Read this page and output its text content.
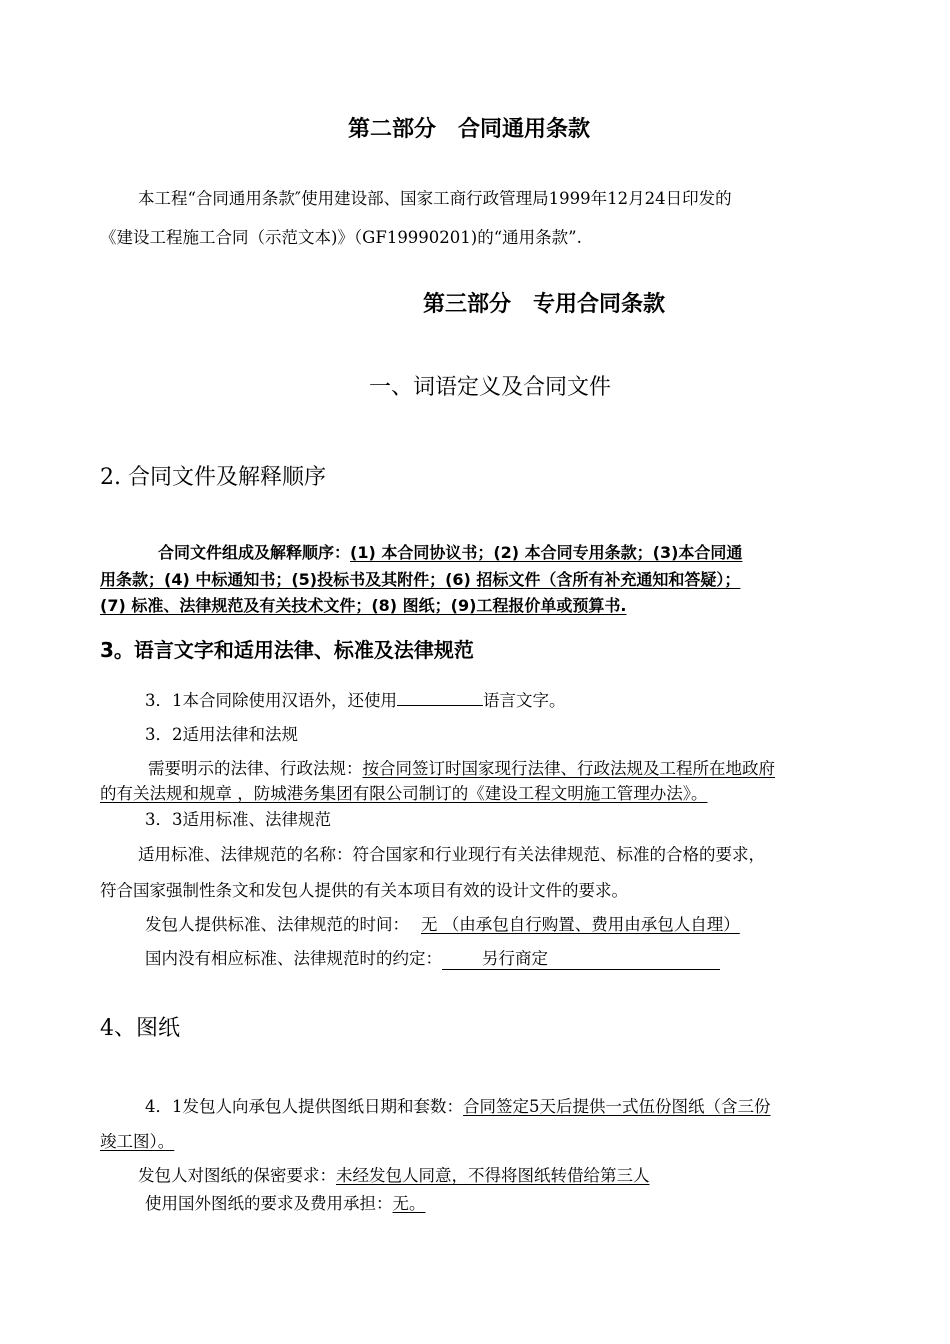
第二部分　合同通用条款
本工程“合同通用条款″使用建设部、国家工商行政管理局1999年12月24日印发的
《建设工程施工合同（示范文本)》（GF19990201)的“通用条款”.
第三部分　专用合同条款
一、词语定义及合同文件
2. 合同文件及解释顺序
合同文件组成及解释顺序：(1) 本合同协议书；(2) 本合同专用条款；(3)本合同通
用条款；(4) 中标通知书；(5)投标书及其附件；(6) 招标文件（含所有补充通知和答疑）；
(7) 标准、法律规范及有关技术文件；(8) 图纸；(9)工程报价单或预算书.
3。语言文字和适用法律、标准及法律规范
3．1本合同除使用汉语外，还使用	语言文字。
3．2适用法律和法规
需要明示的法律、行政法规：按合同签订时国家现行法律、行政法规及工程所在地政府
的有关法规和规章 ，防城港务集团有限公司制订的《建设工程文明施工管理办法》。
3．3适用标准、法律规范
适用标准、法律规范的名称：符合国家和行业现行有关法律规范、标准的合格的要求，
符合国家强制性条文和发包人提供的有关本项目有效的设计文件的要求。
发包人提供标准、法律规范的时间： 无 （由承包自行购置、费用由承包人自理）
国内没有相应标准、法律规范时的约定： 另行商定
4、图纸
4．1发包人向承包人提供图纸日期和套数：合同签定5天后提供一式伍份图纸（含三份
竣工图）。
发包人对图纸的保密要求：未经发包人同意，不得将图纸转借给第三人
使用国外图纸的要求及费用承担：无。
